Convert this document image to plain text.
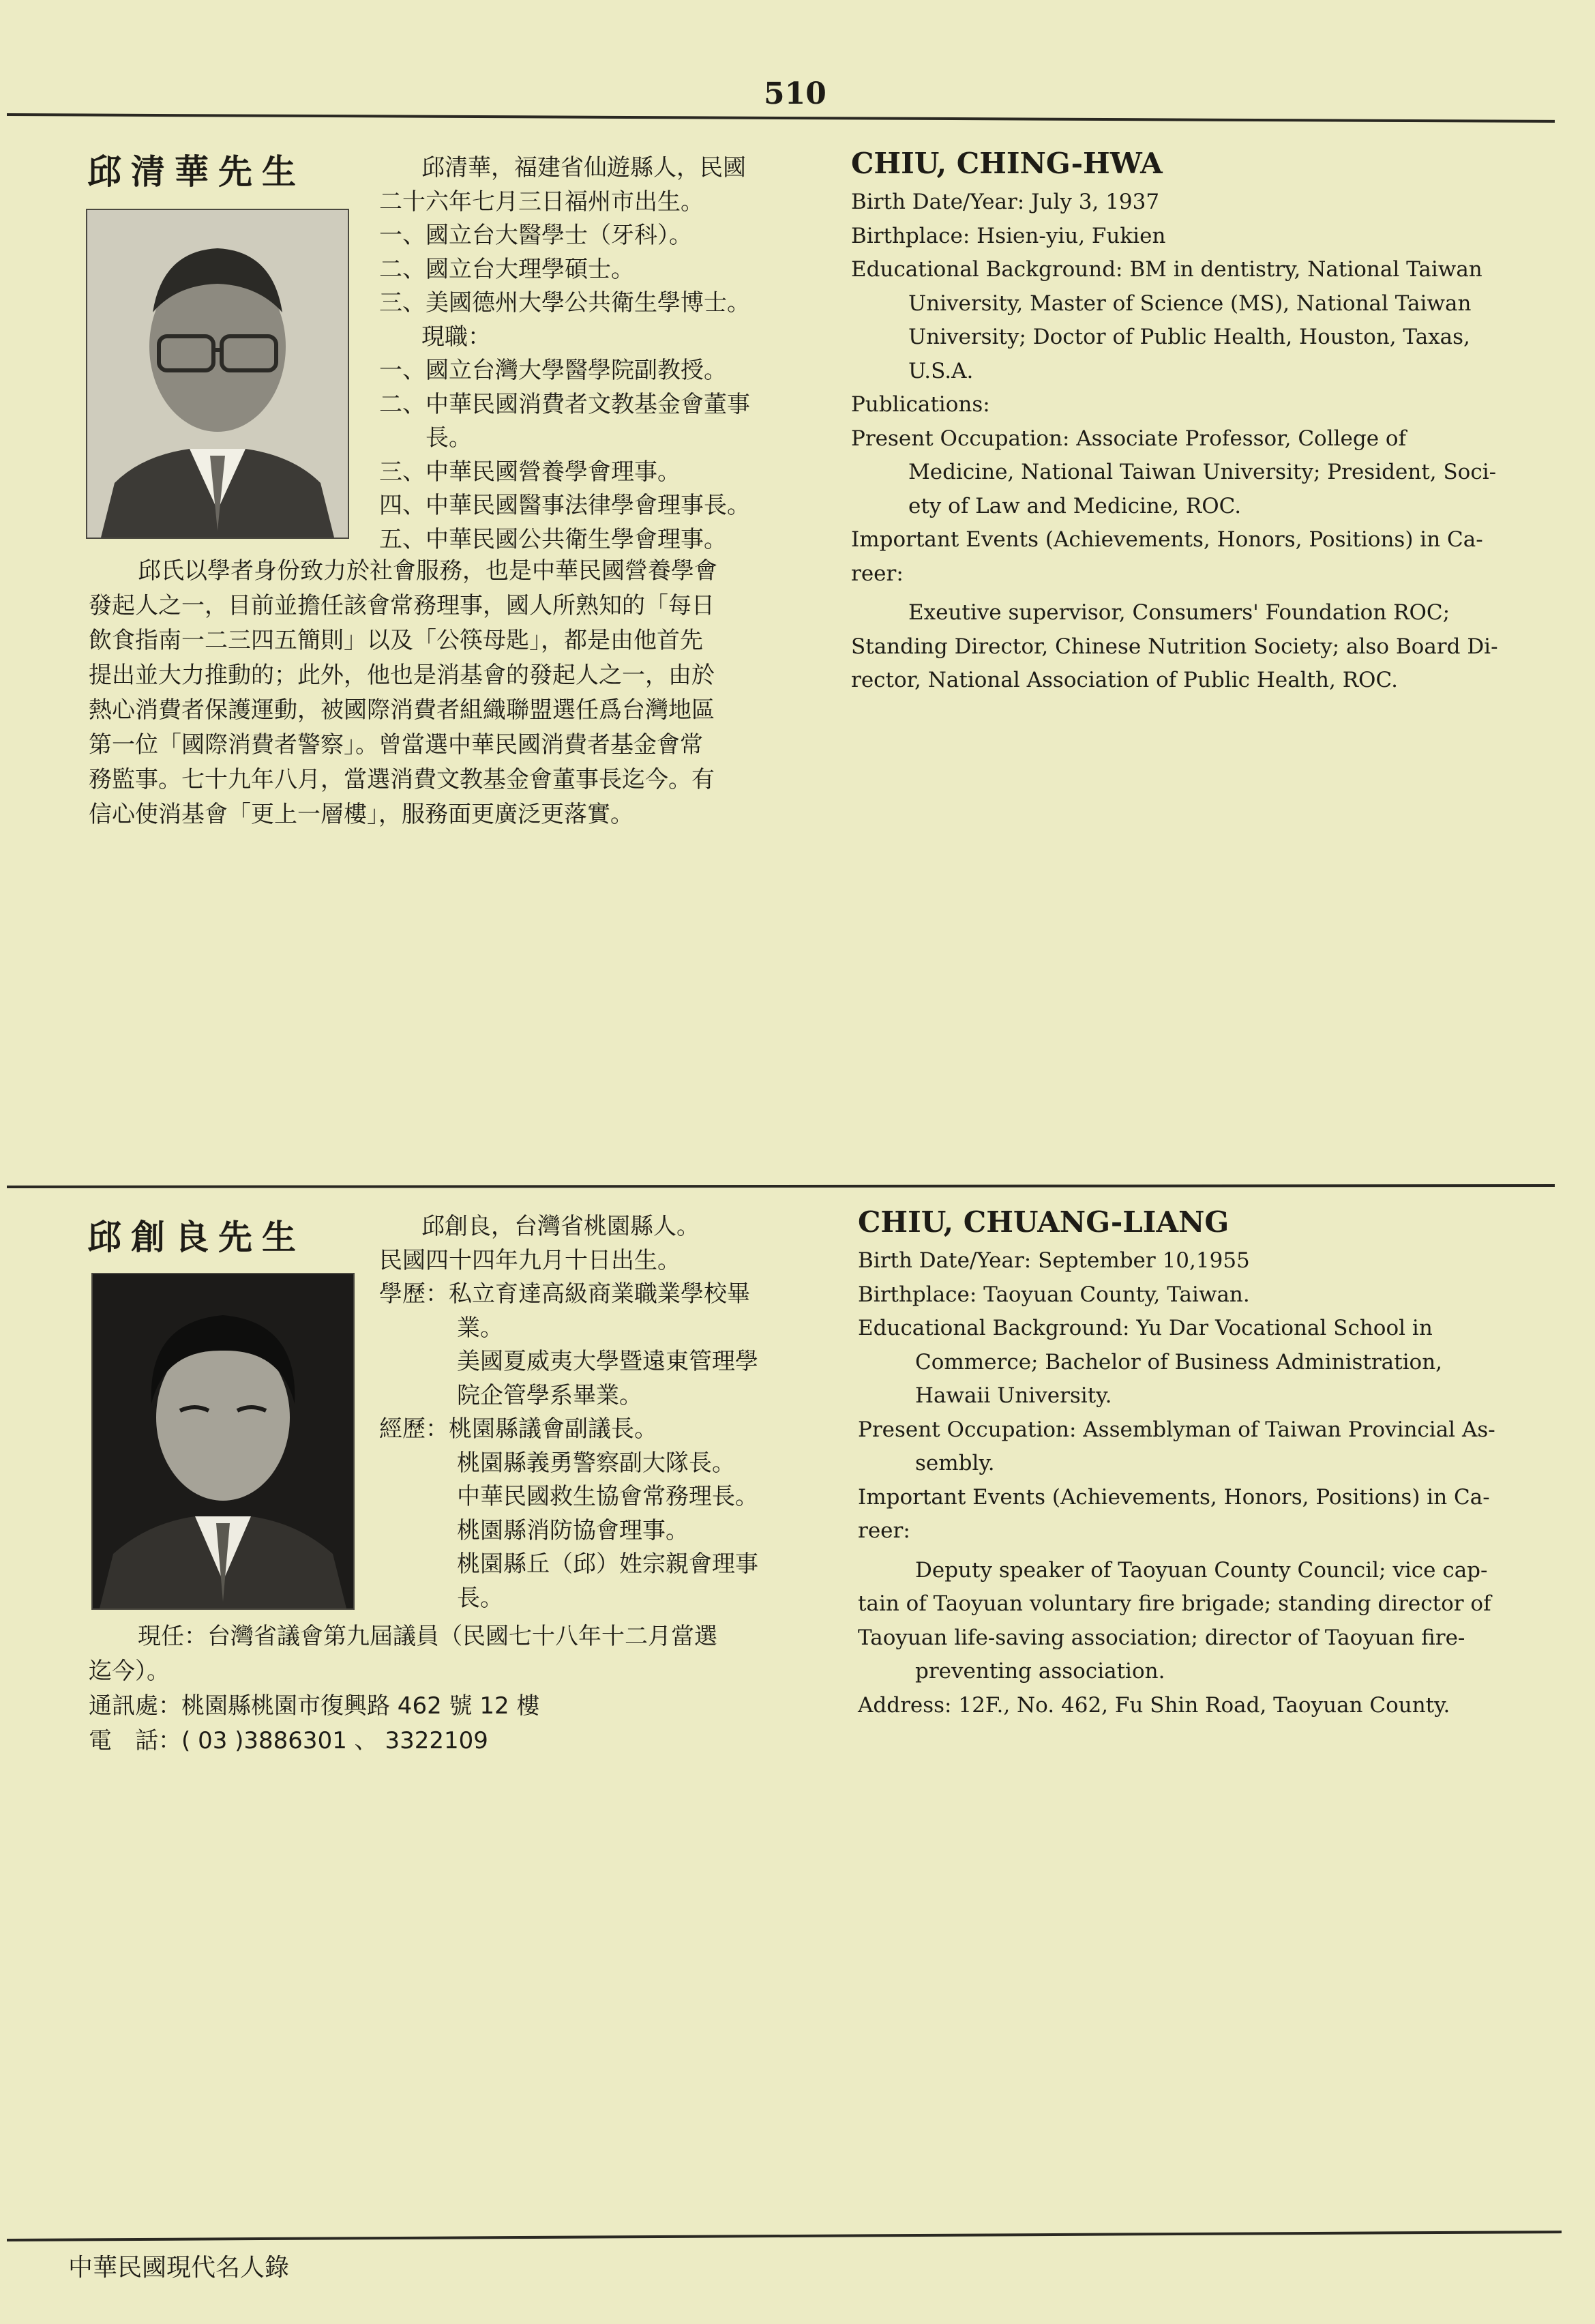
510
邱清華先生	邱清華，福建省仙遊縣人，民國
二十六年七月三日福州市出生。
一、國立台大醫學士（牙科）。
二、國立台大理學碩士。
三、美國德州大學公共衛生學博士。
現職：
一、國立台灣大學醫學院副教授。
二、中華民國消費者文教基金會董事
長。
三、中華民國營養學會理事。
四、中華民國醫事法律學會理事長。
五、中華民國公共衛生學會理事。

邱氏以學者身份致力於社會服務，也是中華民國營養學會
發起人之一，目前並擔任該會常務理事，國人所熟知的「每日
飲食指南一二三四五簡則」以及「公筷母匙」，都是由他首先
提出並大力推動的；此外，他也是消基會的發起人之一，由於
熱心消費者保護運動，被國際消費者組織聯盟選任爲台灣地區
第一位「國際消費者警察」。曾當選中華民國消費者基金會常
務監事。七十九年八月，當選消費文教基金會董事長迄今。有
信心使消基會「更上一層樓」，服務面更廣泛更落實。

CHIU, CHING-HWA
Birth Date/Year: July 3, 1937
Birthplace: Hsien-yiu, Fukien
Educational Background: BM in dentistry, National Taiwan
University, Master of Science (MS), National Taiwan
University; Doctor of Public Health, Houston, Taxas,
U.S.A.
Publications:
Present Occupation: Associate Professor, College of
Medicine, National Taiwan University; President, Soci-
ety of Law and Medicine, ROC.
Important Events (Achievements, Honors, Positions) in Ca-
reer:
Exeutive supervisor, Consumers' Foundation ROC;
Standing Director, Chinese Nutrition Society; also Board Di-
rector, National Association of Public Health, ROC.
邱創良先生	邱創良，台灣省桃園縣人。
民國四十四年九月十日出生。
學歷：私立育達高級商業職業學校畢
業。
美國夏威夷大學暨遠東管理學
院企管學系畢業。
經歷：桃園縣議會副議長。
桃園縣義勇警察副大隊長。
中華民國救生協會常務理長。
桃園縣消防協會理事。
桃園縣丘（邱）姓宗親會理事
長。

現任：台灣省議會第九屆議員（民國七十八年十二月當選
迄今）。
通訊處：桃園縣桃園市復興路 462 號 12 樓
電　話：( 03 )3886301 、 3322109

CHIU, CHUANG-LIANG
Birth Date/Year: September 10,1955
Birthplace: Taoyuan County, Taiwan.
Educational Background: Yu Dar Vocational School in
Commerce; Bachelor of Business Administration,
Hawaii University.
Present Occupation: Assemblyman of Taiwan Provincial As-
sembly.
Important Events (Achievements, Honors, Positions) in Ca-
reer:
Deputy speaker of Taoyuan County Council; vice cap-
tain of Taoyuan voluntary fire brigade; standing director of
Taoyuan life-saving association; director of Taoyuan fire-
preventing association.
Address: 12F., No. 462, Fu Shin Road, Taoyuan County.
中華民國現代名人錄
